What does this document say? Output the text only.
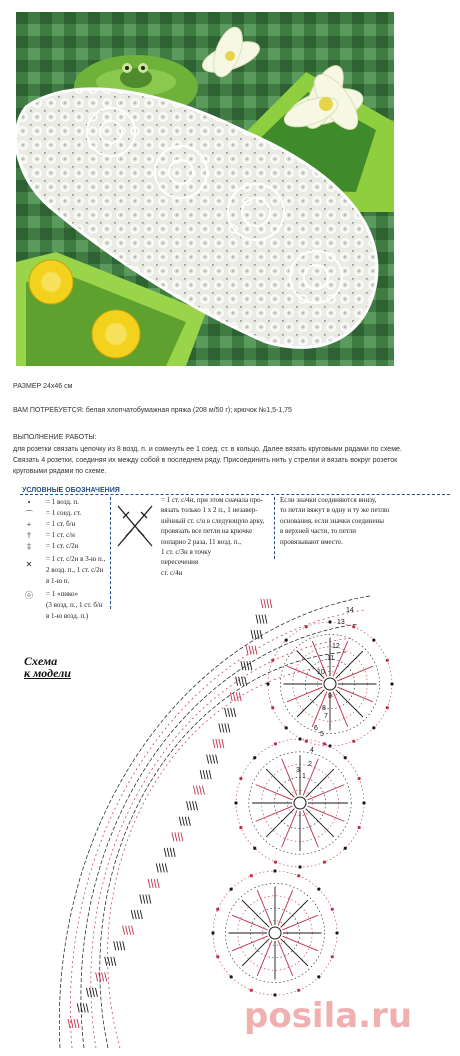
РАЗМЕР 24х46 см
ВАМ ПОТРЕБУЕТСЯ: белая хлопчатобумажная пряжа (208 м/50 г); крючок №1,5-1,75
ВЫПОЛНЕНИЕ РАБОТЫ:
для розетки связать цепочку из 8 возд. п. и сомкнуть ее 1 соед. ст. в кольцо. Далее вязать круговыми рядами по схеме.
Связать 4 розетки, соединяя их между собой в последнем ряду. Присоединить нить у стрелки и вязать вокруг розеток
круговыми рядами по схеме.
УСЛОВНЫЕ ОБОЗНАЧЕНИЯ
•	= 1 возд. п.
⌒	= 1 соед. ст.
+	= 1 ст. б/н
†	= 1 ст. с/н
‡	= 1 ст. с/2н
✕
= 1 ст. с/2н в 3-ю п.,
2 возд. п., 1 ст. с/2н
в 1-ю п.
ⓞ	= 1 «пико»
(3 возд. п., 1 ст. б/н
в 1-ю возд. п.)
= 1 ст. с/4н, при этом сначала про-
вязать только 1 х 2 п., 1 незавер-
шённый ст. с/н в следующую арку,
провязать все петли на крючке
попарно 2 раза, 11 возд. п.,
1 ст. с/3н в точку
пересечения
ст. с/4н
Если значки соединяются внизу,
то петли вяжут в одну и ту же петлю
основания, если значки соединены
в верхней части, то петли
провязывают вместе.
1
2
3
4
5
6
7
8
9
10
11
12
13
14
Схема
к модели
posila.ru
